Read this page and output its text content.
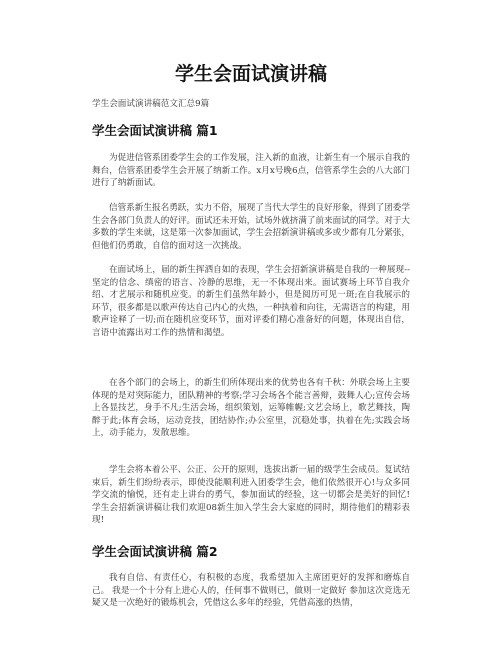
学生会面试演讲稿

学生会面试演讲稿范文汇总9篇

学生会面试演讲稿 篇1

为促进信管系团委学生会的工作发展，注入新的血液，让新生有一个展示自我的舞台，信管系团委学生会开展了纳新工作。x月x号晚6点，信管系学生会的八大部门进行了纳新面试。

信管系新生报名勇跃，实力不俗，展现了当代大学生的良好形象，得到了团委学生会各部门负责人的好评。面试还未开始，试场外就挤满了前来面试的同学。对于大多数的学生来就，这是第一次参加面试，学生会招新演讲稿或多或少都有几分紧张，但他们仍勇敢，自信的面对这一次挑战。

在面试场上，届的新生挥洒自如的表现，学生会招新演讲稿是自我的一种展现--坚定的信念、缜密的语言、冷静的思维，无一不体现出来。面试赛场上环节自我介绍、才艺展示和随机应变。的新生们虽然年龄小，但是阅历可见一斑;在自我展示的环节，很多都是以歌声传达自己内心的火热，一种执着和向往，无需语言的构建，用歌声诠释了一切;而在随机应变环节，面对评委们精心准备好的问题，体现出自信，言语中流露出对工作的热情和渴望。

在各个部门的会场上，的新生们所体现出来的优势也各有千秋：外联会场上主要体现的是对突际能力，团队精神的考察;学习会场各个能言善辩，鼓舞人心;宣传会场上各显技艺，身手不凡;生活会场，组织策划，运筹帷幄;文艺会场上，歌艺舞技，陶醉于此;体育会场，运动竞技，团结协作;办公室里，沉稳处事，执着在先;实践会场上，动手能力，发散思维。

学生会将本着公平、公正、公开的原则，选拔出新一届的级学生会成员。复试结束后，新生们纷纷表示，即使没能顺利进入团委学生会，他们依然很开心!与众多同学交流的愉悦，还有走上讲台的勇气，参加面试的经验，这一切都会是美好的回忆!学生会招新演讲稿让我们欢迎08新生加入学生会大家庭的同时，期待他们的精彩表现!

学生会面试演讲稿 篇2

我有自信、有责任心，有积极的态度，我希望加入主席团更好的发挥和磨炼自己。 我是一个十分有上进心人的，任何事不做则已，做则一定做好 参加这次竞选无疑又是一次绝好的锻炼机会，凭借这么多年的经验，凭借高涨的热情，
